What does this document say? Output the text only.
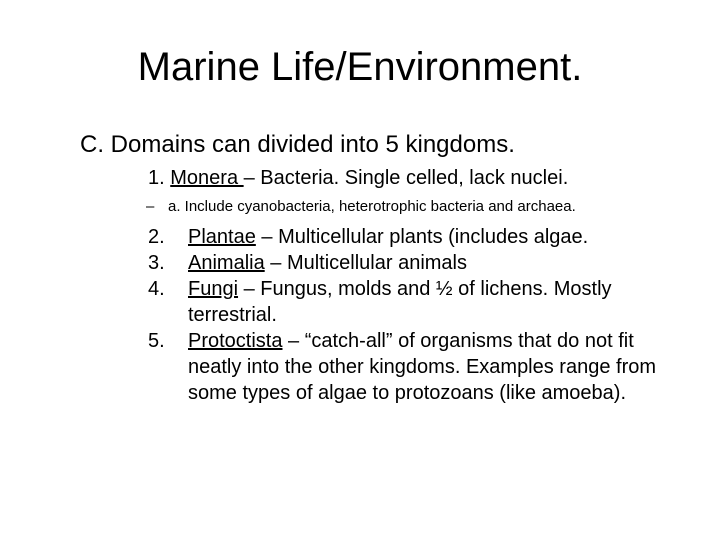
Marine Life/Environment.
C. Domains can divided into 5 kingdoms.
1. Monera – Bacteria. Single celled, lack nuclei.
– a. Include cyanobacteria, heterotrophic bacteria and archaea.
2.	Plantae – Multicellular plants (includes algae.
3.	Animalia – Multicellular animals
4.	Fungi – Fungus, molds and ½ of lichens. Mostly terrestrial.
5.	Protoctista – “catch-all” of organisms that do not fit neatly into the other kingdoms. Examples range from some types of algae to protozoans (like amoeba).
